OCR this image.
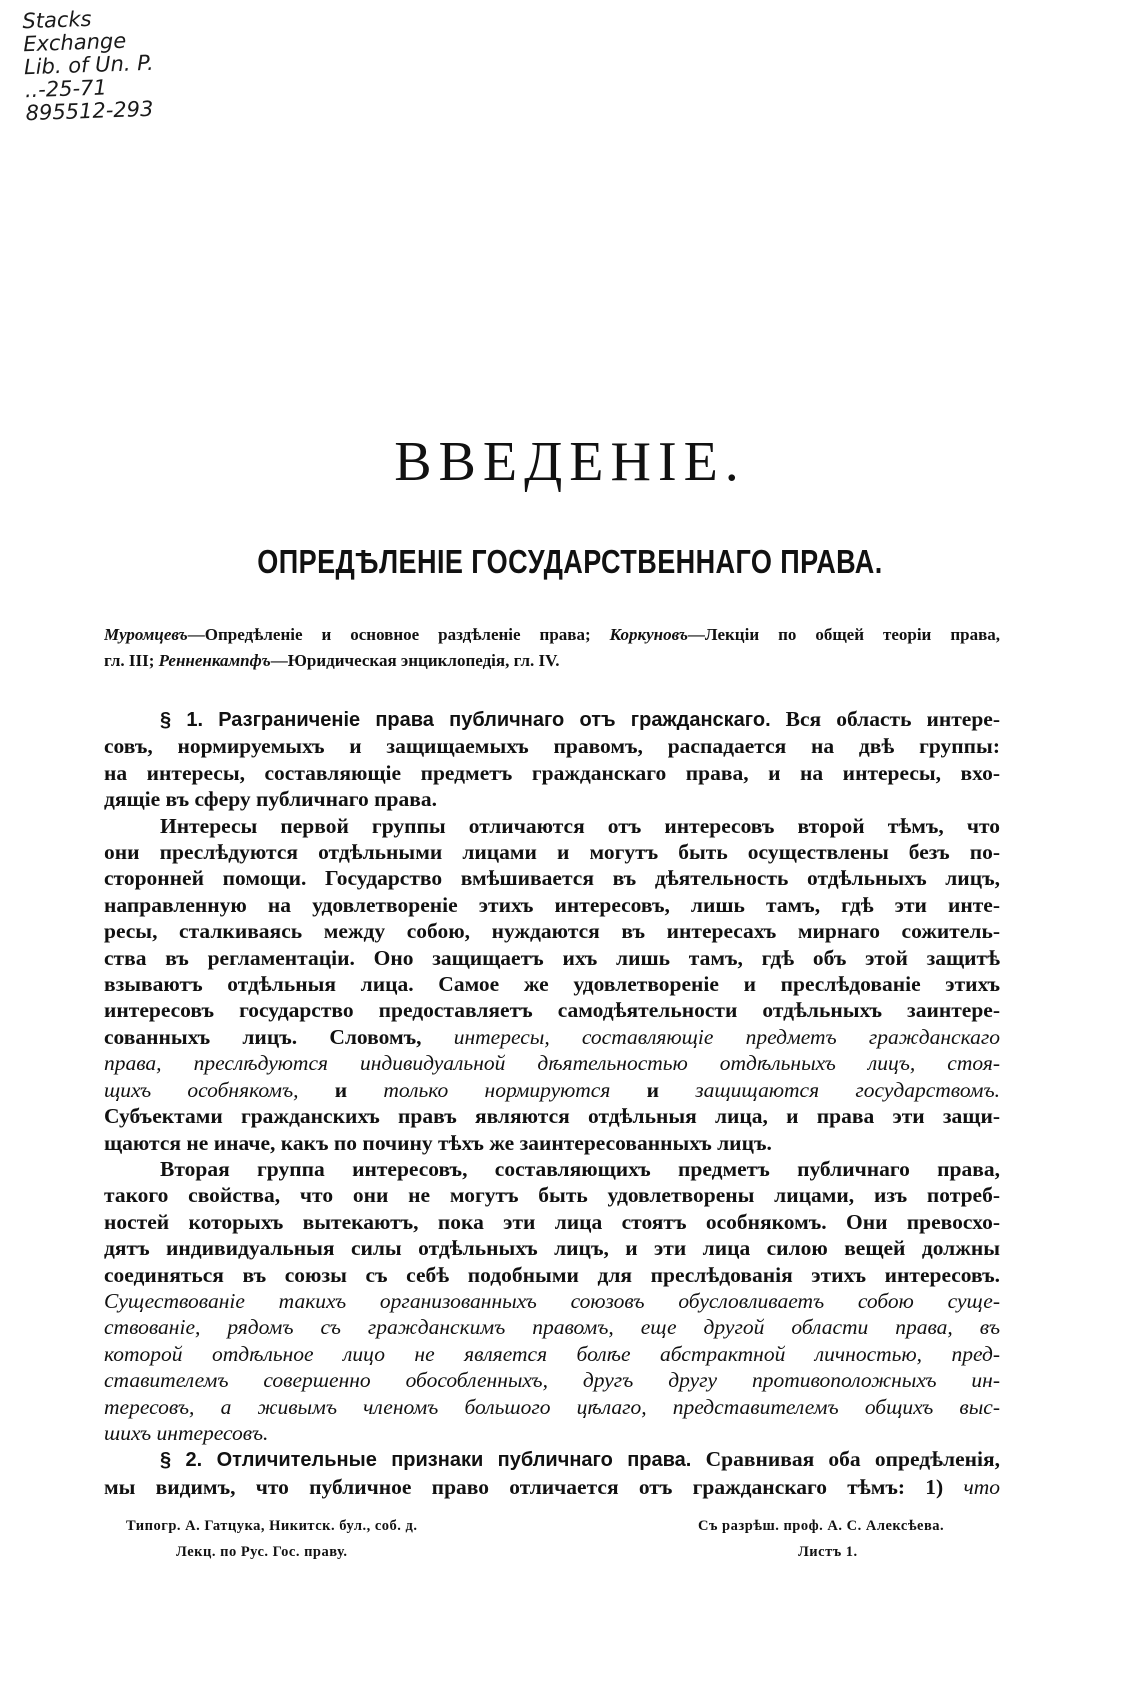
Stacks
Exchange
Lib. of Un. P.
..-25-71
895512-293
ВВЕДЕНІЕ.
ОПРЕДѢЛЕНІЕ ГОСУДАРСТВЕННАГО ПРАВА.
Муромцевъ—Опредѣленіе и основное раздѣленіе права; Коркуновъ—Лекціи по общей теоріи права,
гл. III; Ренненкампфъ—Юридическая энциклопедія, гл. IV.
§ 1. Разграниченіе права публичнаго отъ гражданскаго. Вся область интере-
совъ, нормируемыхъ и защищаемыхъ правомъ, распадается на двѣ группы:
на интересы, составляющіе предметъ гражданскаго права, и на интересы, вхо-
дящіе въ сферу публичнаго права.
Интересы первой группы отличаются отъ интересовъ второй тѣмъ, что
они преслѣдуются отдѣльными лицами и могутъ быть осуществлены безъ по-
сторонней помощи. Государство вмѣшивается въ дѣятельность отдѣльныхъ лицъ,
направленную на удовлетвореніе этихъ интересовъ, лишь тамъ, гдѣ эти инте-
ресы, сталкиваясь между собою, нуждаются въ интересахъ мирнаго сожитель-
ства въ регламентаціи. Оно защищаетъ ихъ лишь тамъ, гдѣ объ этой защитѣ
взываютъ отдѣльныя лица. Самое же удовлетвореніе и преслѣдованіе этихъ
интересовъ государство предоставляетъ самодѣятельности отдѣльныхъ заинтере-
сованныхъ лицъ. Словомъ, интересы, составляющіе предметъ гражданскаго
права, преслѣдуются индивидуальной дѣятельностью отдѣльныхъ лицъ, стоя-
щихъ особнякомъ, и только нормируются и защищаются государствомъ.
Субъектами гражданскихъ правъ являются отдѣльныя лица, и права эти защи-
щаются не иначе, какъ по почину тѣхъ же заинтересованныхъ лицъ.
Вторая группа интересовъ, составляющихъ предметъ публичнаго права,
такого свойства, что они не могутъ быть удовлетворены лицами, изъ потреб-
ностей которыхъ вытекаютъ, пока эти лица стоятъ особнякомъ. Они превосхо-
дятъ индивидуальныя силы отдѣльныхъ лицъ, и эти лица силою вещей должны
соединяться въ союзы съ себѣ подобными для преслѣдованія этихъ интересовъ.
Существованіе такихъ организованныхъ союзовъ обусловливаетъ собою суще-
ствованіе, рядомъ съ гражданскимъ правомъ, еще другой области права, въ
которой отдѣльное лицо не является болѣе абстрактной личностью, пред-
ставителемъ совершенно обособленныхъ, другъ другу противоположныхъ ин-
тересовъ, а живымъ членомъ большого цѣлаго, представителемъ общихъ выс-
шихъ интересовъ.
§ 2. Отличительные признаки публичнаго права. Сравнивая оба опредѣленія,
мы видимъ, что публичное право отличается отъ гражданскаго тѣмъ: 1) что
Типогр. А. Гатцука, Никитск. бул., соб. д.
Лекц. по Рус. Гос. праву.
Съ разрѣш. проф. А. С. Алексѣева.
Листъ 1.
